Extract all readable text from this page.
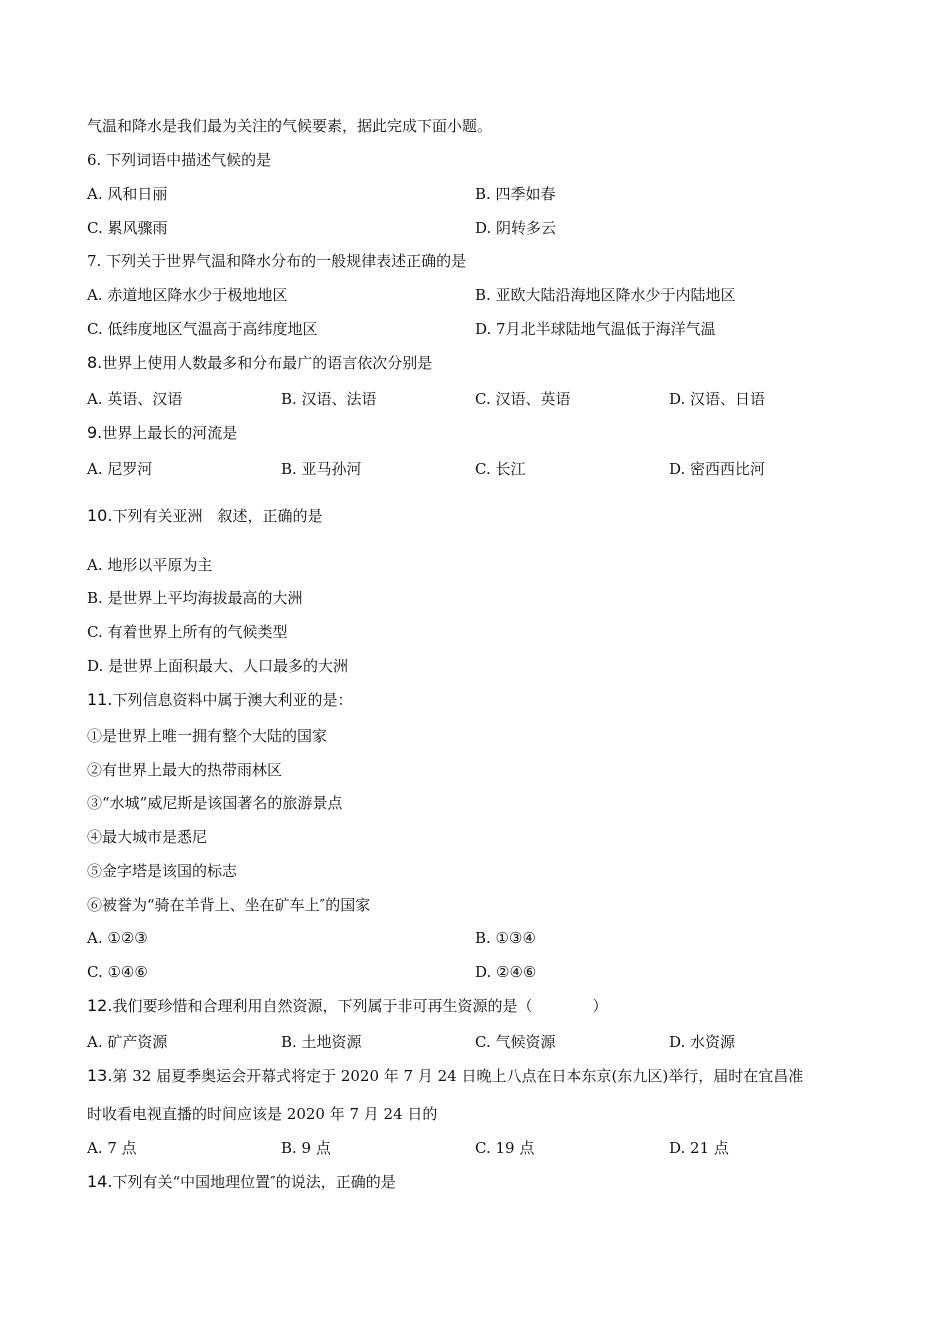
气温和降水是我们最为关注的气候要素，据此完成下面小题。
6. 下列词语中描述气候的是
A. 风和日丽	B. 四季如春
C. 累风骤雨	D. 阴转多云
7. 下列关于世界气温和降水分布的一般规律表述正确的是
A. 赤道地区降水少于极地地区	B. 亚欧大陆沿海地区降水少于内陆地区
C. 低纬度地区气温高于高纬度地区	D. 7月北半球陆地气温低于海洋气温
8.世界上使用人数最多和分布最广的语言依次分别是
A. 英语、汉语	B. 汉语、法语	C. 汉语、英语	D. 汉语、日语
9.世界上最长的河流是
A. 尼罗河	B. 亚马孙河	C. 长江	D. 密西西比河
10.下列有关亚洲　叙述，正确的是
A. 地形以平原为主
B. 是世界上平均海拔最高的大洲
C. 有着世界上所有的气候类型
D. 是世界上面积最大、人口最多的大洲
11.下列信息资料中属于澳大利亚的是：
①是世界上唯一拥有整个大陆的国家
②有世界上最大的热带雨林区
③“水城”威尼斯是该国著名的旅游景点
④最大城市是悉尼
⑤金字塔是该国的标志
⑥被誉为“骑在羊背上、坐在矿车上″的国家
A. ①②③	B. ①③④
C. ①④⑥	D. ②④⑥
12.我们要珍惜和合理利用自然资源，下列属于非可再生资源的是（　　　　）
A. 矿产资源	B. 土地资源	C. 气候资源	D. 水资源
13.第 32 届夏季奥运会开幕式将定于 2020 年 7 月 24 日晚上八点在日本东京(东九区)举行，届时在宜昌准
时收看电视直播的时间应该是 2020 年 7 月 24 日的
A. 7 点	B. 9 点	C. 19 点	D. 21 点
14.下列有关“中国地理位置″的说法，正确的是
